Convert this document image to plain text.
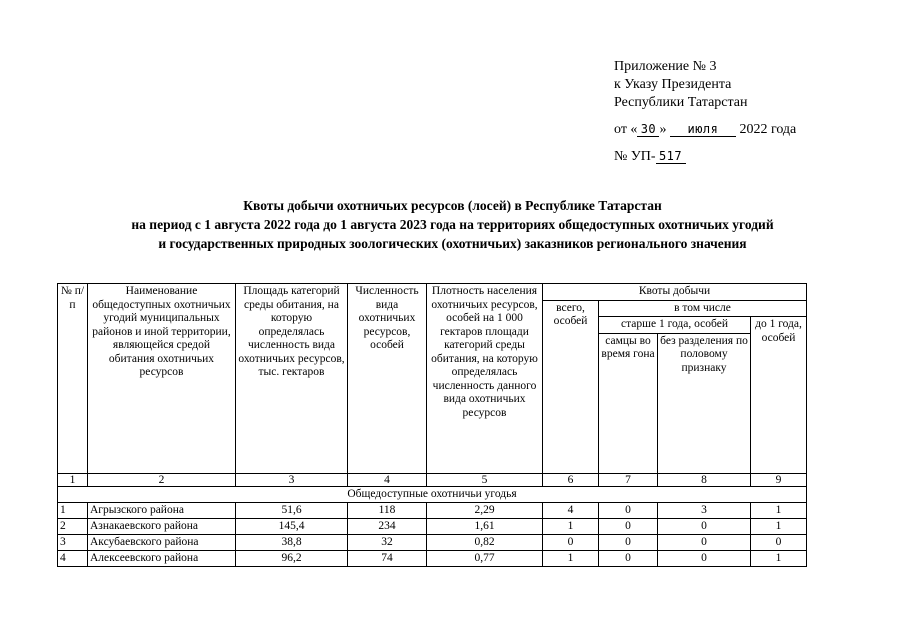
Приложение № 3
к Указу Президента
Республики Татарстан
от « 30 » июля 2022 года
№ УП- 517
Квоты добычи охотничьих ресурсов (лосей) в Республике Татарстан
на период с 1 августа 2022 года до 1 августа 2023 года на территориях общедоступных охотничьих угодий
и государственных природных зоологических (охотничьих) заказников регионального значения
№ п/п	Наименование общедоступных охотничьих угодий муниципальных районов и иной территории, являющейся средой обитания охотничьих ресурсов	Площадь категорий среды обитания, на которую определялась численность вида охотничьих ресурсов, тыс. гектаров	Численность вида охотничьих ресурсов, особей	Плотность населения охотничьих ресурсов, особей на 1 000 гектаров площади категорий среды обитания, на которую определялась численность данного вида охотничьих ресурсов	Квоты добычи			
					всего, особей	в том числе		
						старше 1 года, особей		до 1 года, особей
						самцы во время гона	без разделения по половому признаку	
1	2	3	4	5	6	7	8	9
Общедоступные охотничьи угодья								
1	Агрызского района	51,6	118	2,29	4	0	3	1
2	Азнакаевского района	145,4	234	1,61	1	0	0	1
3	Аксубаевского района	38,8	32	0,82	0	0	0	0
4	Алексеевского района	96,2	74	0,77	1	0	0	1
